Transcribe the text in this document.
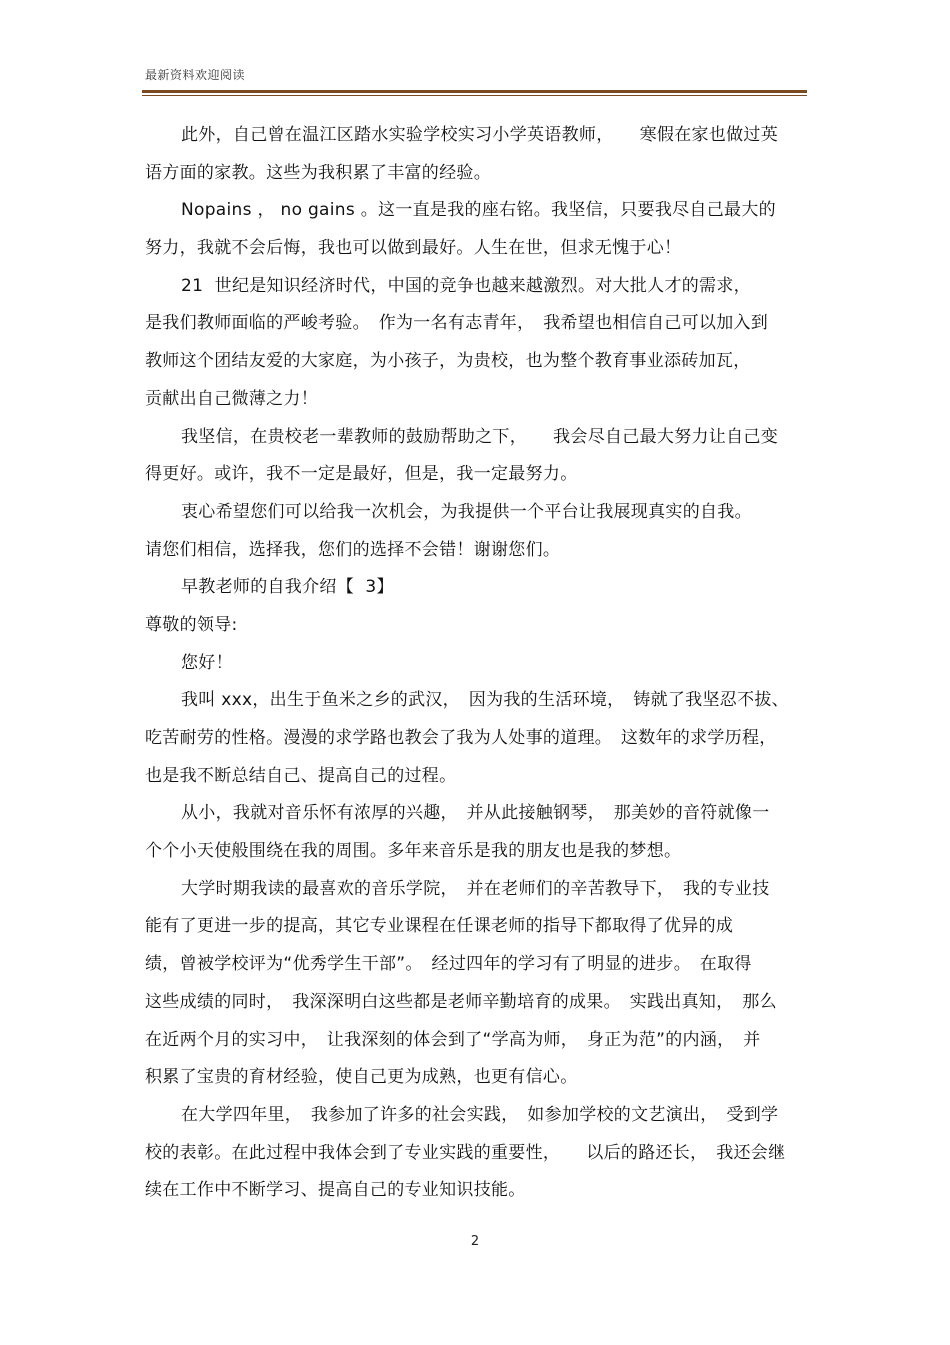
最新资料欢迎阅读
此外，自己曾在温江区踏水实验学校实习小学英语教师，　　寒假在家也做过英
语方面的家教。这些为我积累了丰富的经验。
Nopains ， no gains 。这一直是我的座右铭。我坚信，只要我尽自己最大的
努力，我就不会后悔，我也可以做到最好。人生在世，但求无愧于心！
21  世纪是知识经济时代，中国的竞争也越来越激烈。对大批人才的需求，
是我们教师面临的严峻考验。　作为一名有志青年，　我希望也相信自己可以加入到
教师这个团结友爱的大家庭，为小孩子，为贵校，也为整个教育事业添砖加瓦，
贡献出自己微薄之力！
我坚信，在贵校老一辈教师的鼓励帮助之下，　　我会尽自己最大努力让自己变
得更好。或许，我不一定是最好，但是，我一定最努力。
衷心希望您们可以给我一次机会，为我提供一个平台让我展现真实的自我。
请您们相信，选择我，您们的选择不会错！谢谢您们。
早教老师的自我介绍【  3】
尊敬的领导:
您好！
我叫 xxx，出生于鱼米之乡的武汉，　因为我的生活环境，　铸就了我坚忍不拔、
吃苦耐劳的性格。漫漫的求学路也教会了我为人处事的道理。　这数年的求学历程，
也是我不断总结自己、提高自己的过程。
从小，我就对音乐怀有浓厚的兴趣，　并从此接触钢琴，　那美妙的音符就像一
个个小天使般围绕在我的周围。多年来音乐是我的朋友也是我的梦想。
大学时期我读的最喜欢的音乐学院，　并在老师们的辛苦教导下，　我的专业技
能有了更进一步的提高，其它专业课程在任课老师的指导下都取得了优异的成
绩，曾被学校评为“优秀学生干部”。　经过四年的学习有了明显的进步。　在取得
这些成绩的同时，　我深深明白这些都是老师辛勤培育的成果。　实践出真知，　那么
在近两个月的实习中，　让我深刻的体会到了“学高为师，　身正为范”的内涵，　并
积累了宝贵的育材经验，使自己更为成熟，也更有信心。
在大学四年里，　我参加了许多的社会实践，　如参加学校的文艺演出，　受到学
校的表彰。在此过程中我体会到了专业实践的重要性，　　以后的路还长，　我还会继
续在工作中不断学习、提高自己的专业知识技能。
2
